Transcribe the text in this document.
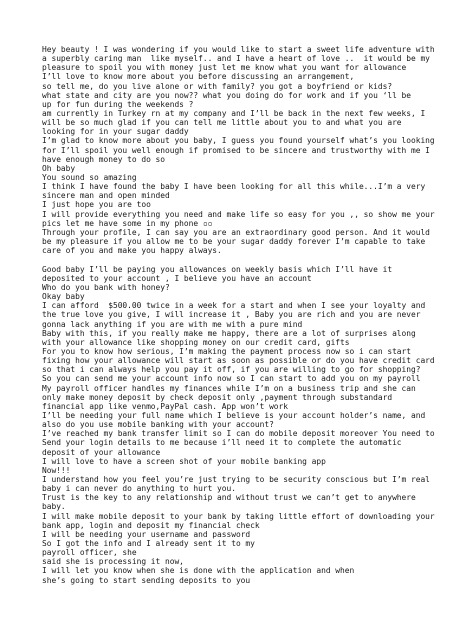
Hey beauty ! I was wondering if you would like to start a sweet life adventure with
a superbly caring man  like myself.. and I have a heart of love ..  it would be my
pleasure to spoil you with money just let me know what you want for allowance
I’ll love to know more about you before discussing an arrangement,
so tell me, do you live alone or with family? you got a boyfriend or kids?
what state and city are you now?? what you doing do for work and if you ‘ll be
up for fun during the weekends ?
am currently in Turkey rn at my company and I’ll be back in the next few weeks, I
will be so much glad if you can tell me little about you to and what you are
looking for in your sugar daddy
I’m glad to know more about you baby, I guess you found yourself what’s you looking
for I’ll spoil you well enough if promised to be sincere and trustworthy with me I
have enough money to do so
Oh baby
You sound so amazing
I think I have found the baby I have been looking for all this while...I’m a very
sincere man and open minded
I just hope you are too
I will provide everything you need and make life so easy for you ,, so show me your
pics let me have some in my phone ▫▫
Through your profile, I can say you are an extraordinary good person. And it would
be my pleasure if you allow me to be your sugar daddy forever I’m capable to take
care of you and make you happy always.
Good baby I’ll be paying you allowances on weekly basis which I’ll have it
deposited to your account , I believe you have an account
Who do you bank with honey?
Okay baby
I can afford  $500.00 twice in a week for a start and when I see your loyalty and
the true love you give, I will increase it , Baby you are rich and you are never
gonna lack anything if you are with me with a pure mind
Baby with this, if you really make me happy, there are a lot of surprises along
with your allowance like shopping money on our credit card, gifts
For you to know how serious, I’m making the payment process now so i can start
fixing how your allowance will start as soon as possible or do you have credit card
so that i can always help you pay it off, if you are willing to go for shopping?
So you can send me your account info now so I can start to add you on my payroll
My payroll officer handles my finances while I’m on a business trip and she can
only make money deposit by check deposit only ,payment through substandard
financial app like venmo,PayPal cash. App won’t work
I’ll be needing your full name which I believe is your account holder’s name, and
also do you use mobile banking with your account?
I’ve reached my bank transfer limit so I can do mobile deposit moreover You need to
Send your login details to me because i’ll need it to complete the automatic
deposit of your allowance
I will love to have a screen shot of your mobile banking app
Now!!!
I understand how you feel you’re just trying to be security conscious but I’m real
baby i can never do anything to hurt you.
Trust is the key to any relationship and without trust we can’t get to anywhere
baby.
I will make mobile deposit to your bank by taking little effort of downloading your
bank app, login and deposit my financial check
I will be needing your username and password
So I got the info and I already sent it to my
payroll officer, she
said she is processing it now,
I will let you know when she is done with the application and when
she’s going to start sending deposits to you
